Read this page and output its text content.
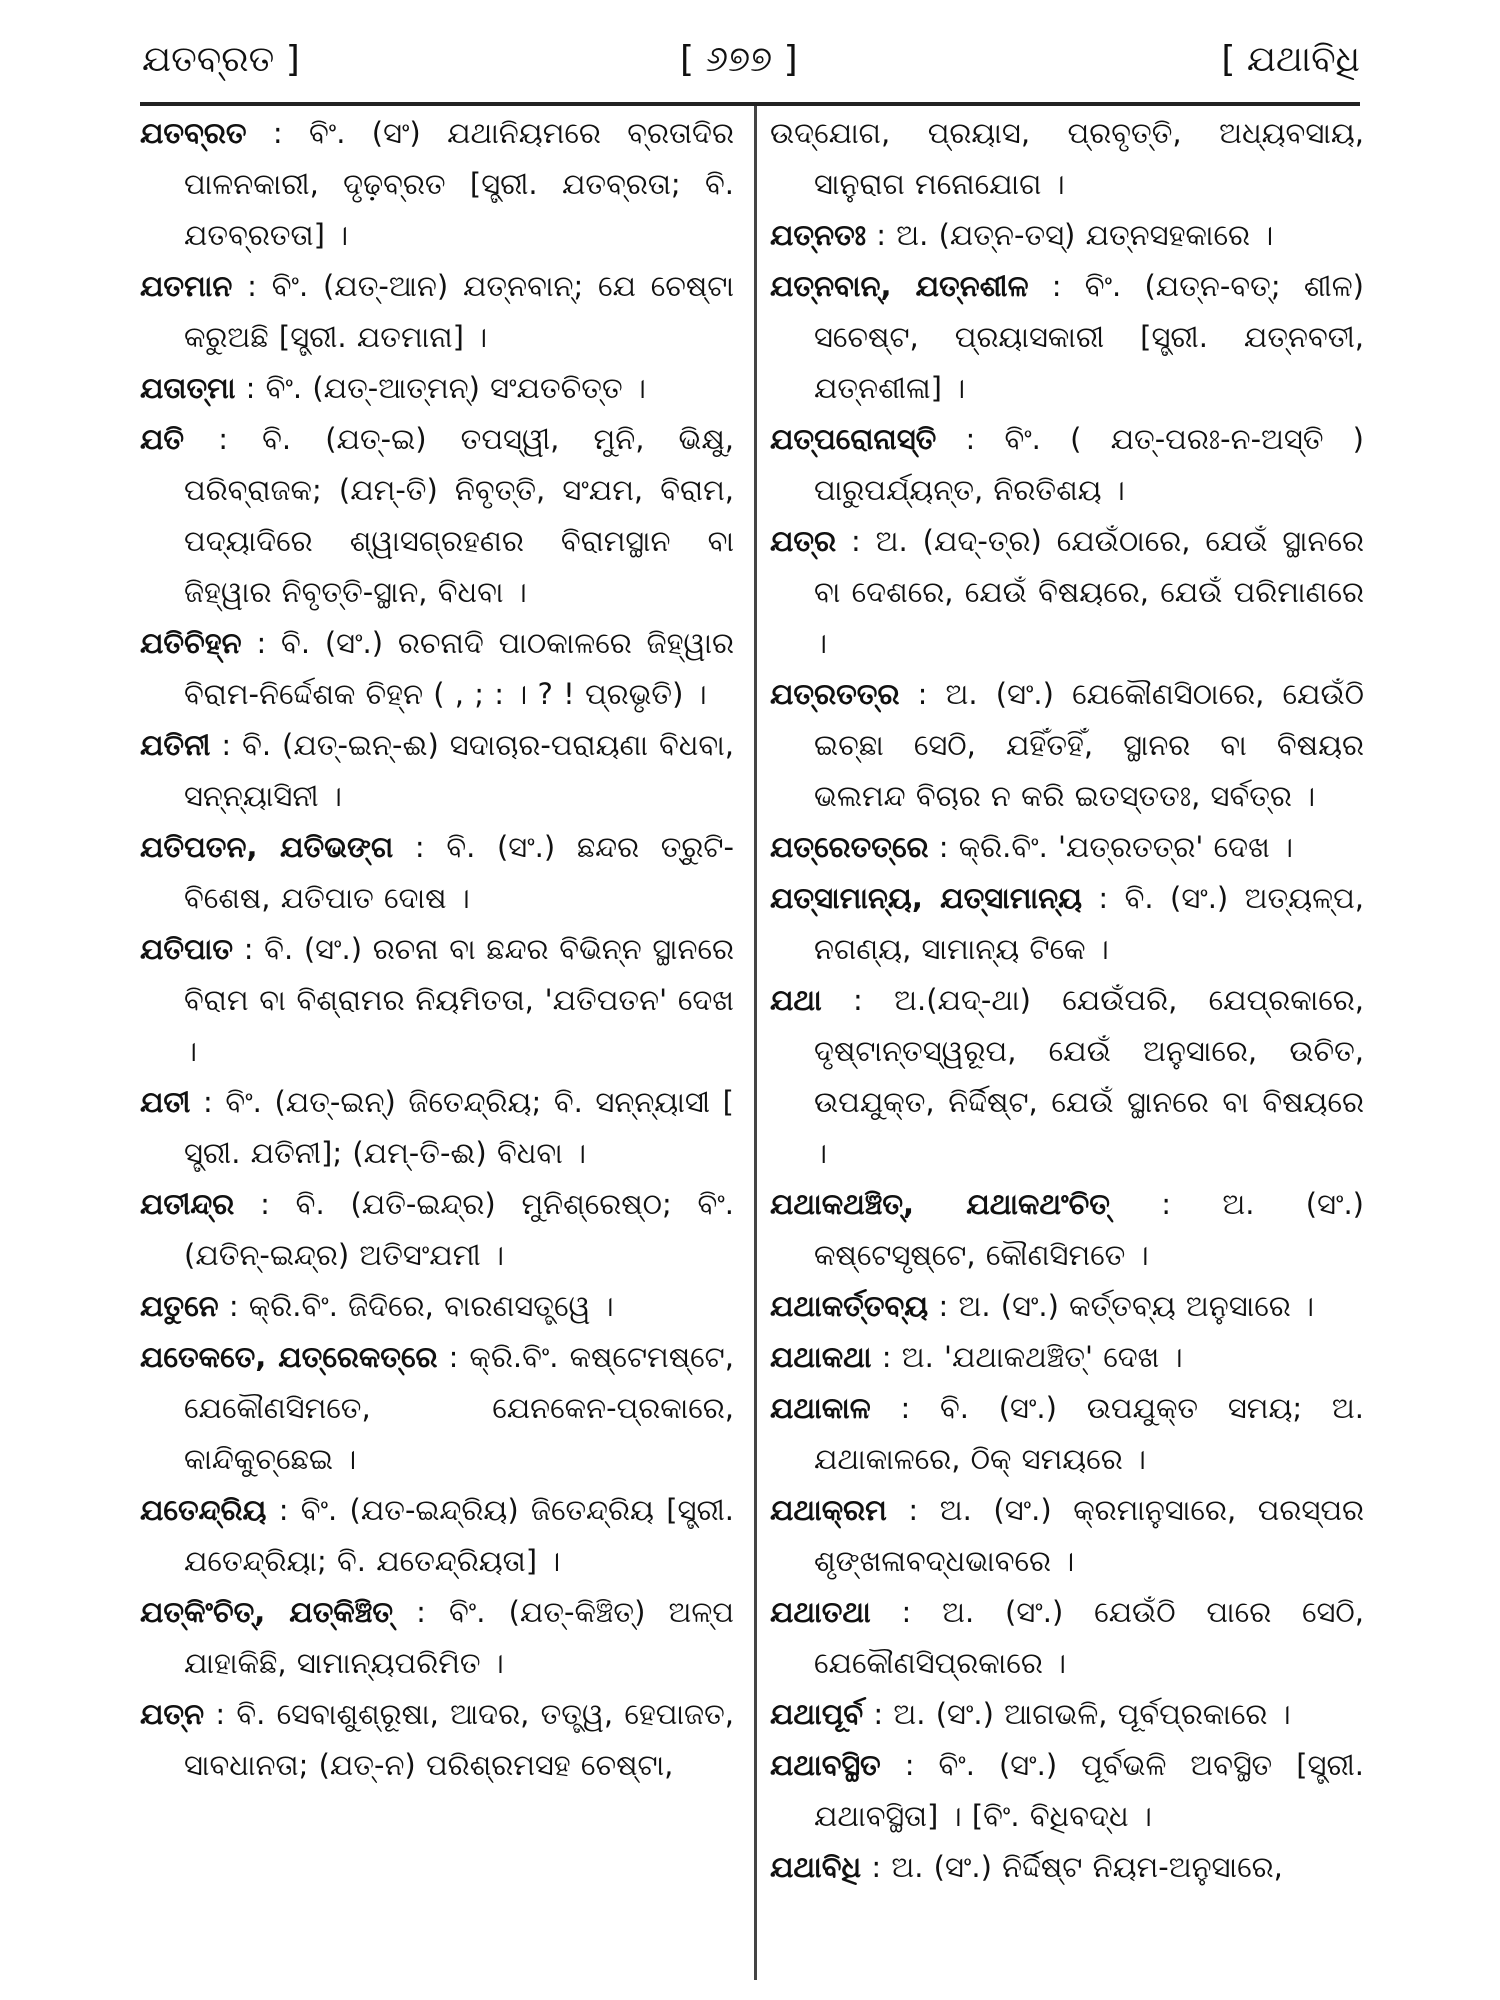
ଯତବ୍ରତ ]	[ ୬୭୭ ]	[ ଯଥାବିଧି

ଯତବ୍ରତ : ବିଂ. (ସଂ) ଯଥାନିୟମରେ ବ୍ରତାଦିର ପାଳନକାରୀ, ଦୃଢ଼ବ୍ରତ [ସ୍ତ୍ରୀ. ଯତବ୍ରତା; ବି. ଯତବ୍ରତତା] ।

ଯତମାନ : ବିଂ. (ଯତ୍-ଆନ) ଯତ୍ନବାନ୍; ଯେ ଚେଷ୍ଟା କରୁଅଛି [ସ୍ତ୍ରୀ. ଯତମାନା] ।

ଯତାତ୍ମା : ବିଂ. (ଯତ୍-ଆତ୍ମନ୍) ସଂଯତଚିତ୍ତ ।

ଯତି : ବି. (ଯତ୍-ଇ) ତପସ୍ୱୀ, ମୁନି, ଭିକ୍ଷୁ, ପରିବ୍ରାଜକ; (ଯମ୍-ତି) ନିବୃତ୍ତି, ସଂଯମ, ବିରାମ, ପଦ୍ୟାଦିରେ ଶ୍ୱାସଗ୍ରହଣର ବିରାମସ୍ଥାନ ବା ଜିହ୍ୱାର ନିବୃତ୍ତି-ସ୍ଥାନ, ବିଧବା ।

ଯତିଚିହ୍ନ : ବି. (ସଂ.) ରଚନାଦି ପାଠକାଳରେ ଜିହ୍ୱାର ବିରାମ-ନିର୍ଦ୍ଦେଶକ ଚିହ୍ନ ( , ; : । ? ! ପ୍ରଭୃତି) ।

ଯତିନୀ : ବି. (ଯତ୍-ଇନ୍-ଈ) ସଦାଚାର-ପରାୟଣା ବିଧବା, ସନ୍ନ୍ୟାସିନୀ ।

ଯତିପତନ, ଯତିଭଙ୍ଗ : ବି. (ସଂ.) ଛନ୍ଦର ତ୍ରୁଟି-ବିଶେଷ, ଯତିପାତ ଦୋଷ ।

ଯତିପାତ : ବି. (ସଂ.) ରଚନା ବା ଛନ୍ଦର ବିଭିନ୍ନ ସ୍ଥାନରେ ବିରାମ ବା ବିଶ୍ରାମର ନିୟମିତତା, 'ଯତିପତନ' ଦେଖ ।

ଯତୀ : ବିଂ. (ଯତ୍-ଇନ୍) ଜିତେନ୍ଦ୍ରିୟ; ବି. ସନ୍ନ୍ୟାସୀ [ ସ୍ତ୍ରୀ. ଯତିନୀ]; (ଯମ୍-ତି-ଈ) ବିଧବା ।

ଯତୀନ୍ଦ୍ର : ବି. (ଯତି-ଇନ୍ଦ୍ର) ମୁନିଶ୍ରେଷ୍ଠ; ବିଂ. (ଯତିନ୍-ଇନ୍ଦ୍ର) ଅତିସଂଯମୀ ।

ଯତୁନେ : କ୍ରି.ବିଂ. ଜିଦିରେ, ବାରଣସତ୍ତ୍ୱେ ।

ଯତେକତେ, ଯତ୍ରେକତ୍ରେ : କ୍ରି.ବିଂ. କଷ୍ଟେମଷ୍ଟେ, ଯେକୌଣସିମତେ, ଯେନକେନ-ପ୍ରକାରେ, କାନ୍ଦିକୁଚ୍ଛେଇ ।

ଯତେନ୍ଦ୍ରିୟ : ବିଂ. (ଯତ-ଇନ୍ଦ୍ରିୟ) ଜିତେନ୍ଦ୍ରିୟ [ସ୍ତ୍ରୀ. ଯତେନ୍ଦ୍ରିୟା; ବି. ଯତେନ୍ଦ୍ରିୟତା] ।

ଯତ୍କିଂଚିତ୍, ଯତ୍କିଞ୍ଚିତ୍ : ବିଂ. (ଯତ୍-କିଞ୍ଚିତ୍) ଅଳ୍ପ ଯାହାକିଛି, ସାମାନ୍ୟପରିମିତ ।

ଯତ୍ନ : ବି. ସେବାଶୁଶ୍ରୂଷା, ଆଦର, ତତ୍ତ୍ୱ, ହେପାଜତ, ସାବଧାନତା; (ଯତ୍-ନ) ପରିଶ୍ରମସହ ଚେଷ୍ଟା,

ଉଦ୍‌ଯୋଗ, ପ୍ରୟାସ, ପ୍ରବୃତ୍ତି, ଅଧ୍ୟବସାୟ, ସାନୁରାଗ ମନୋଯୋଗ ।

ଯତ୍ନତଃ : ଅ. (ଯତ୍ନ-ତସ୍) ଯତ୍ନସହକାରେ ।

ଯତ୍ନବାନ୍, ଯତ୍ନଶୀଳ : ବିଂ. (ଯତ୍ନ-ବତ୍; ଶୀଳ) ସଚେଷ୍ଟ, ପ୍ରୟାସକାରୀ [ସ୍ତ୍ରୀ. ଯତ୍ନବତୀ, ଯତ୍ନଶୀଳା] ।

ଯତ୍ପରୋନାସ୍ତି : ବିଂ. ( ଯତ୍-ପରଃ-ନ-ଅସ୍ତି ) ପାରୁପର୍ଯ୍ୟନ୍ତ, ନିରତିଶୟ ।

ଯତ୍ର : ଅ. (ଯଦ୍-ତ୍ର) ଯେଉଁଠାରେ, ଯେଉଁ ସ୍ଥାନରେ ବା ଦେଶରେ, ଯେଉଁ ବିଷୟରେ, ଯେଉଁ ପରିମାଣରେ ।

ଯତ୍ରତତ୍ର : ଅ. (ସଂ.) ଯେକୌଣସିଠାରେ, ଯେଉଁଠି ଇଚ୍ଛା ସେଠି, ଯହିଁତହିଁ, ସ୍ଥାନର ବା ବିଷୟର ଭଲମନ୍ଦ ବିଚାର ନ କରି ଇତସ୍ତତଃ, ସର୍ବତ୍ର ।

ଯତ୍ରେତତ୍ରେ : କ୍ରି.ବିଂ. 'ଯତ୍ରତତ୍ର' ଦେଖ ।

ଯତ୍ସାମାନ୍ୟ, ଯତ୍‌ସାମାନ୍ୟ : ବି. (ସଂ.) ଅତ୍ୟଳ୍ପ, ନଗଣ୍ୟ, ସାମାନ୍ୟ ଟିକେ ।

ଯଥା : ଅ.(ଯଦ୍-ଥା) ଯେଉଁପରି, ଯେପ୍ରକାରେ, ଦୃଷ୍ଟାନ୍ତସ୍ୱରୂପ, ଯେଉଁ ଅନୁସାରେ, ଉଚିତ, ଉପଯୁକ୍ତ, ନିର୍ଦ୍ଦିଷ୍ଟ, ଯେଉଁ ସ୍ଥାନରେ ବା ବିଷୟରେ ।

ଯଥାକଥଞ୍ଚିତ୍, ଯଥାକଥଂଚିତ୍ : ଅ. (ସଂ.) କଷ୍ଟେସୃଷ୍ଟେ, କୌଣସିମତେ ।

ଯଥାକର୍ତ୍ତବ୍ୟ : ଅ. (ସଂ.) କର୍ତ୍ତବ୍ୟ ଅନୁସାରେ ।

ଯଥାକଥା : ଅ. 'ଯଥାକଥଞ୍ଚିତ୍' ଦେଖ ।

ଯଥାକାଳ : ବି. (ସଂ.) ଉପଯୁକ୍ତ ସମୟ; ଅ. ଯଥାକାଳରେ, ଠିକ୍ ସମୟରେ ।

ଯଥାକ୍ରମ : ଅ. (ସଂ.) କ୍ରମାନୁସାରେ, ପରସ୍ପର ଶୃଙ୍ଖଳାବଦ୍ଧଭାବରେ ।

ଯଥାତଥା : ଅ. (ସଂ.) ଯେଉଁଠି ପାରେ ସେଠି, ଯେକୌଣସିପ୍ରକାରେ ।

ଯଥାପୂର୍ବ : ଅ. (ସଂ.) ଆଗଭଳି, ପୂର୍ବପ୍ରକାରେ ।

ଯଥାବସ୍ଥିତ : ବିଂ. (ସଂ.) ପୂର୍ବଭଳି ଅବସ୍ଥିତ [ସ୍ତ୍ରୀ. ଯଥାବସ୍ଥିତା] । [ବିଂ. ବିଧିବଦ୍ଧ ।

ଯଥାବିଧି : ଅ. (ସଂ.) ନିର୍ଦ୍ଦିଷ୍ଟ ନିୟମ-ଅନୁସାରେ,
